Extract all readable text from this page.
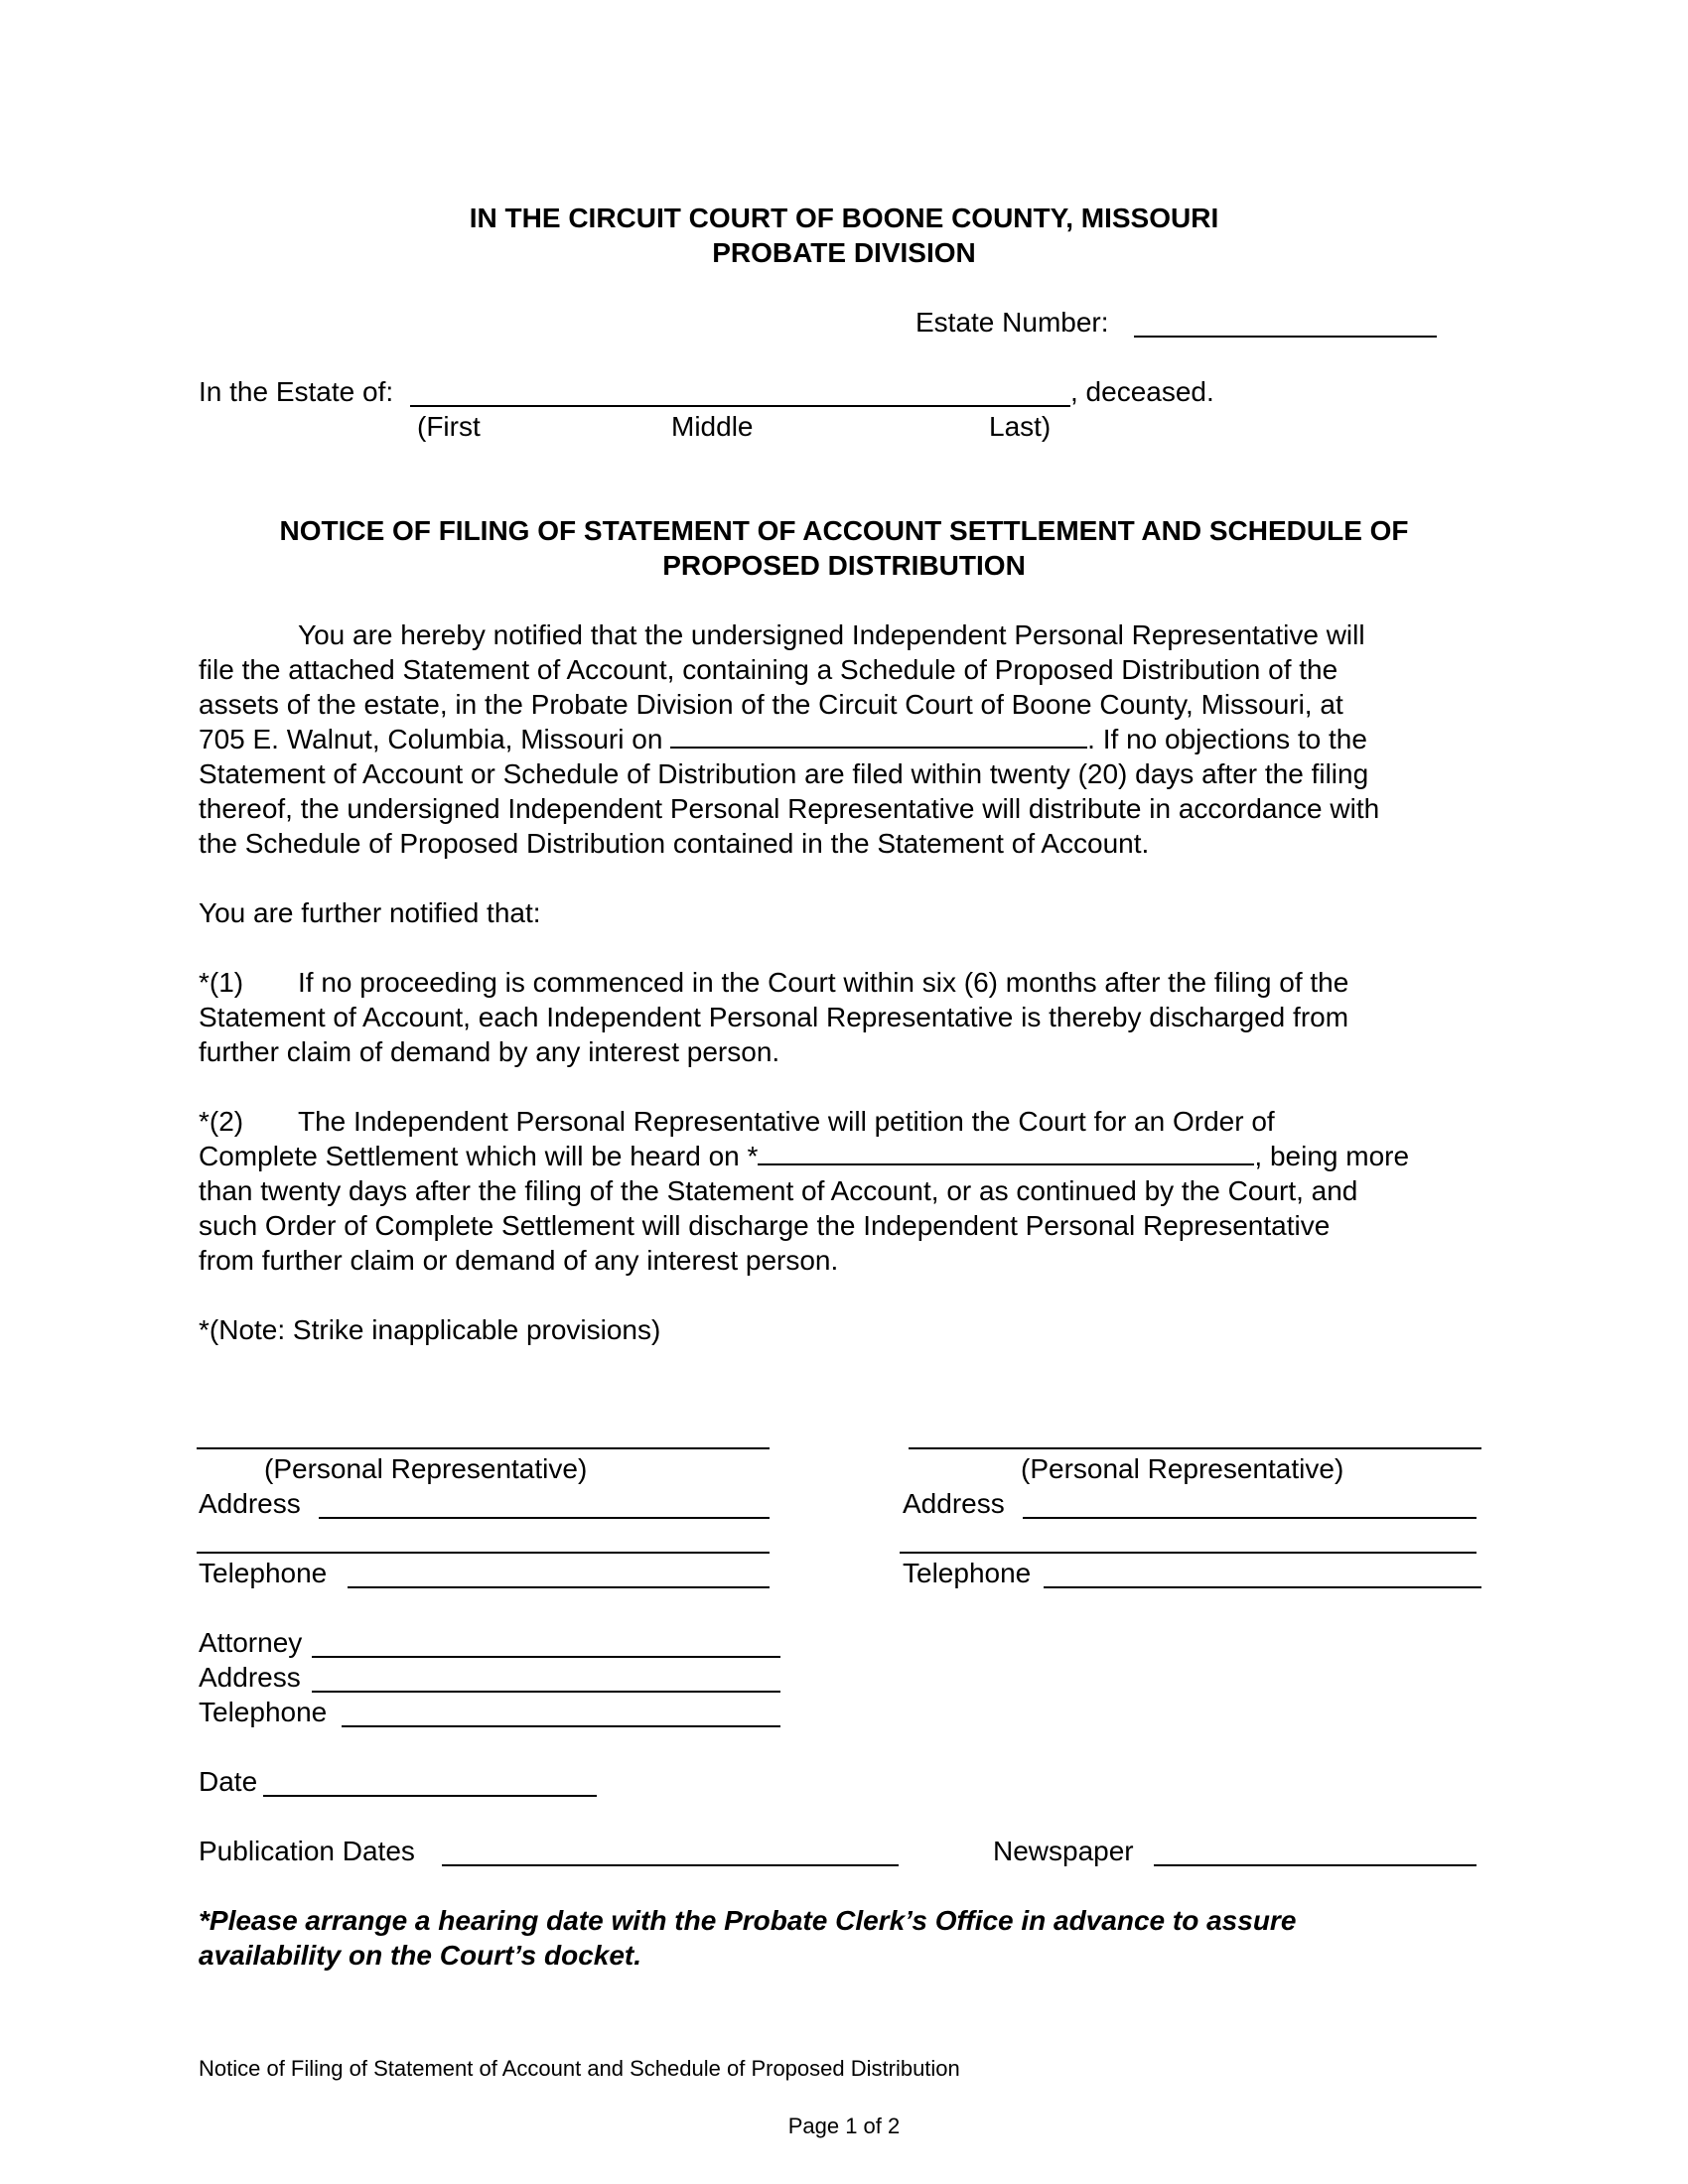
IN THE CIRCUIT COURT OF BOONE COUNTY, MISSOURI
PROBATE DIVISION
Estate Number:
In the Estate of:	, deceased.
(First	Middle	Last)
NOTICE OF FILING OF STATEMENT OF ACCOUNT SETTLEMENT AND SCHEDULE OF
PROPOSED DISTRIBUTION
You are hereby notified that the undersigned Independent Personal Representative will
file the attached Statement of Account, containing a Schedule of Proposed Distribution of the
assets of the estate, in the Probate Division of the Circuit Court of Boone County, Missouri, at
705 E. Walnut, Columbia, Missouri on	. If no objections to the
Statement of Account or Schedule of Distribution are filed within twenty (20) days after the filing
thereof, the undersigned Independent Personal Representative will distribute in accordance with
the Schedule of Proposed Distribution contained in the Statement of Account.
You are further notified that:
*(1) If no proceeding is commenced in the Court within six (6) months after the filing of the
Statement of Account, each Independent Personal Representative is thereby discharged from
further claim of demand by any interest person.
*(2) The Independent Personal Representative will petition the Court for an Order of
Complete Settlement which will be heard on *	, being more
than twenty days after the filing of the Statement of Account, or as continued by the Court, and
such Order of Complete Settlement will discharge the Independent Personal Representative
from further claim or demand of any interest person.
*(Note: Strike inapplicable provisions)
(Personal Representative)	(Personal Representative)
Address	Address
Telephone	Telephone
Attorney
Address
Telephone
Date
Publication Dates	Newspaper
*Please arrange a hearing date with the Probate Clerk’s Office in advance to assure
availability on the Court’s docket.
Notice of Filing of Statement of Account and Schedule of Proposed Distribution
Page 1 of 2
